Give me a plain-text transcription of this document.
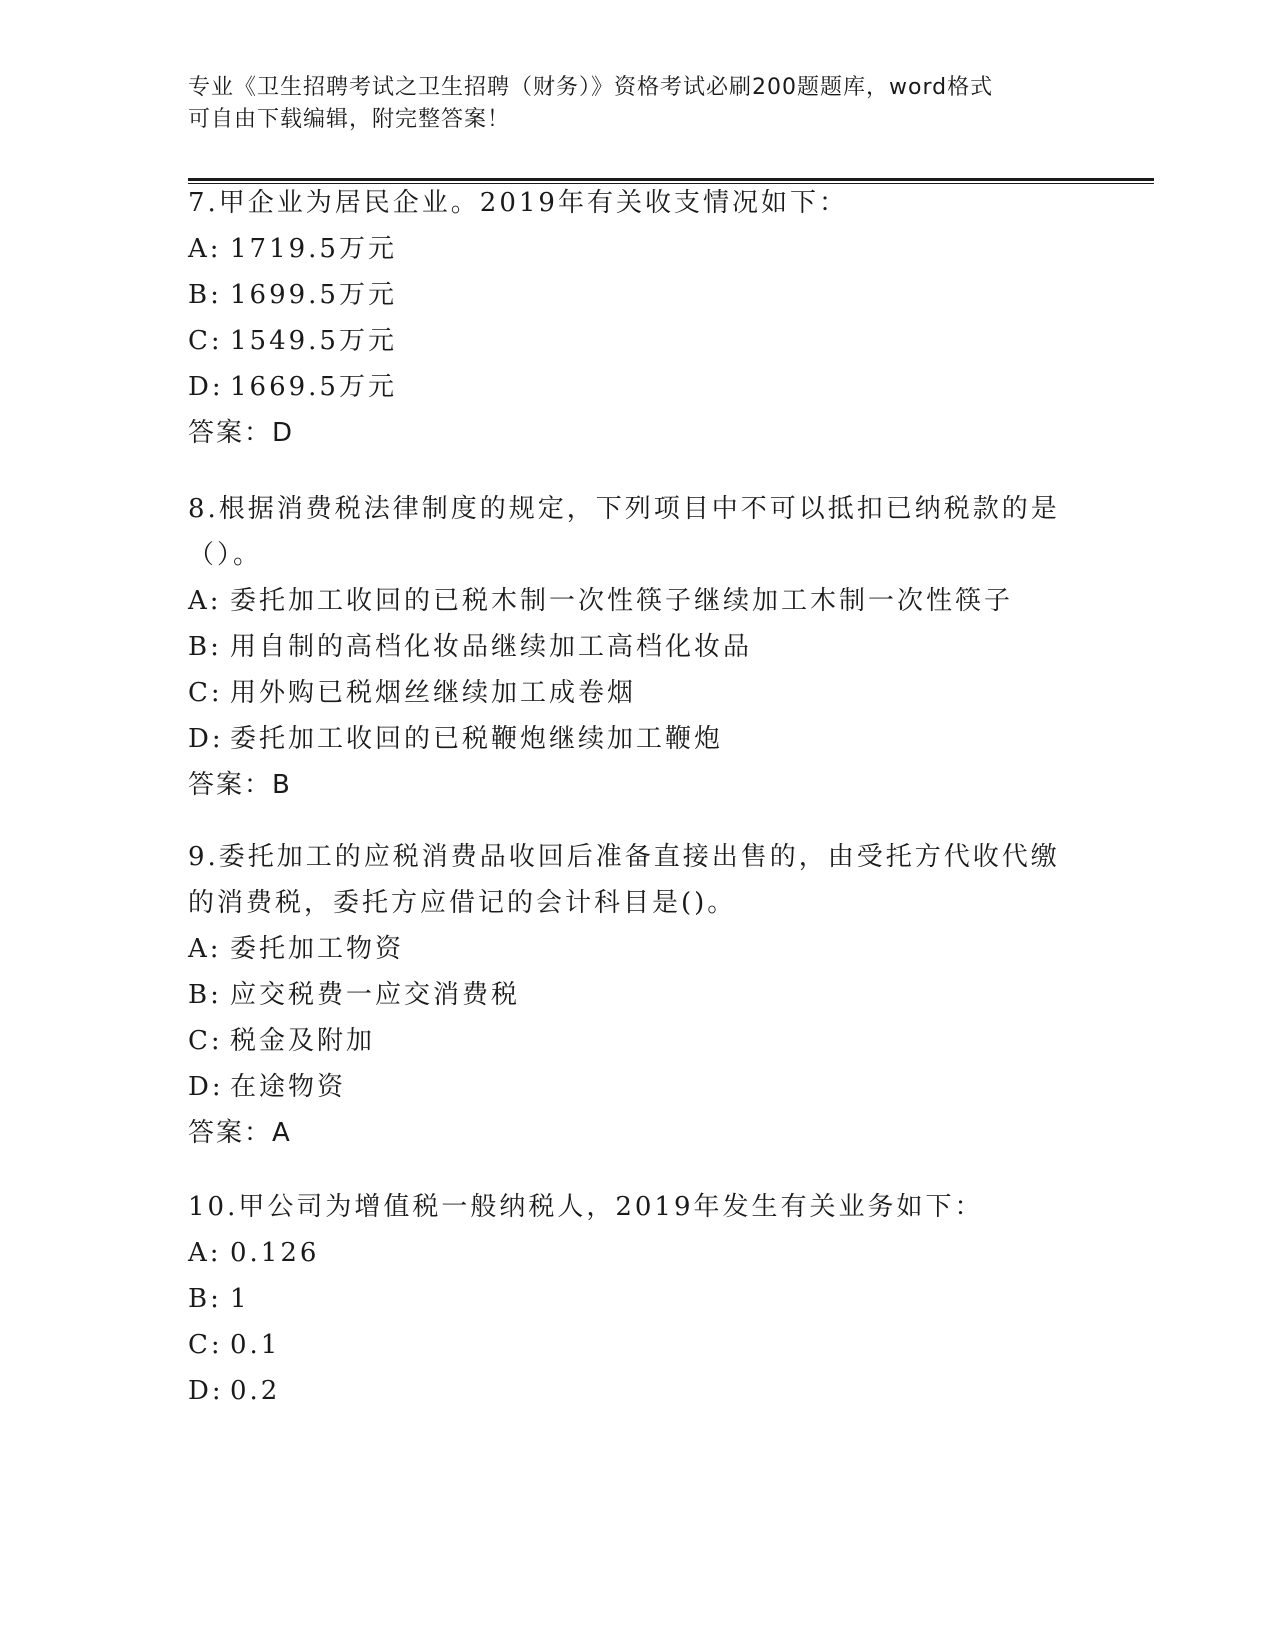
专业《卫生招聘考试之卫生招聘（财务）》资格考试必刷200题题库，word格式
可自由下载编辑，附完整答案！
7.甲企业为居民企业。2019年有关收支情况如下：
A: 1719.5万元
B: 1699.5万元
C: 1549.5万元
D: 1669.5万元
答案：D
8.根据消费税法律制度的规定，下列项目中不可以抵扣已纳税款的是
（）。
A: 委托加工收回的已税木制一次性筷子继续加工木制一次性筷子
B: 用自制的高档化妆品继续加工高档化妆品
C: 用外购已税烟丝继续加工成卷烟
D: 委托加工收回的已税鞭炮继续加工鞭炮
答案：B
9.委托加工的应税消费品收回后准备直接出售的，由受托方代收代缴
的消费税，委托方应借记的会计科目是()。
A: 委托加工物资
B: 应交税费一应交消费税
C: 税金及附加
D: 在途物资
答案：A
10.甲公司为增值税一般纳税人，2019年发生有关业务如下：
A: 0.126
B: 1
C: 0.1
D: 0.2
